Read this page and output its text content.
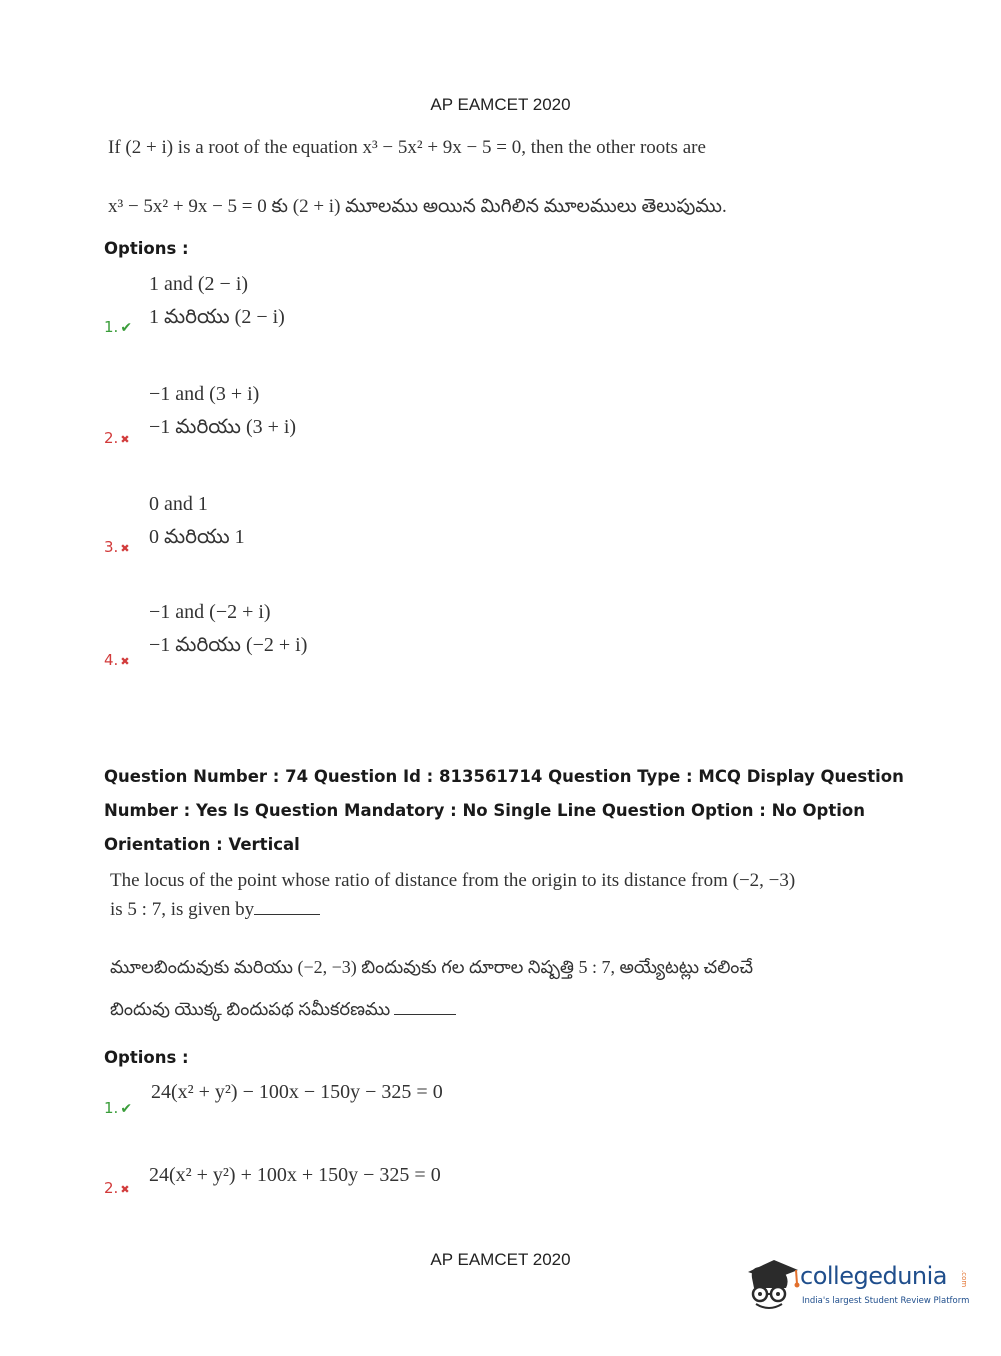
AP EAMCET 2020
If (2 + i) is a root of the equation x³ − 5x² + 9x − 5 = 0, then the other roots are
x³ − 5x² + 9x − 5 = 0 కు (2 + i) మూలము అయిన మిగిలిన మూలములు తెలుపుము.
Options :
1 and (2 − i)
1 మరియు (2 − i)
1. ✔
−1 and (3 + i)
−1 మరియు (3 + i)
2. ✖
0 and 1
0 మరియు 1
3. ✖
−1 and (−2 + i)
−1 మరియు (−2 + i)
4. ✖
Question Number : 74 Question Id : 813561714 Question Type : MCQ Display Question
Number : Yes Is Question Mandatory : No Single Line Question Option : No Option
Orientation : Vertical
The locus of the point whose ratio of distance from the origin to its distance from (−2, −3)
is 5 : 7, is given by
మూలబిందువుకు మరియు (−2, −3) బిందువుకు గల దూరాల నిష్పత్తి 5 : 7, అయ్యేటట్లు చలించే
బిందువు యొక్క బిందుపథ సమీకరణము
Options :
24(x² + y²) − 100x − 150y − 325 = 0
1. ✔
24(x² + y²) + 100x + 150y − 325 = 0
2. ✖
AP EAMCET 2020
collegedunia .com
India's largest Student Review Platform
